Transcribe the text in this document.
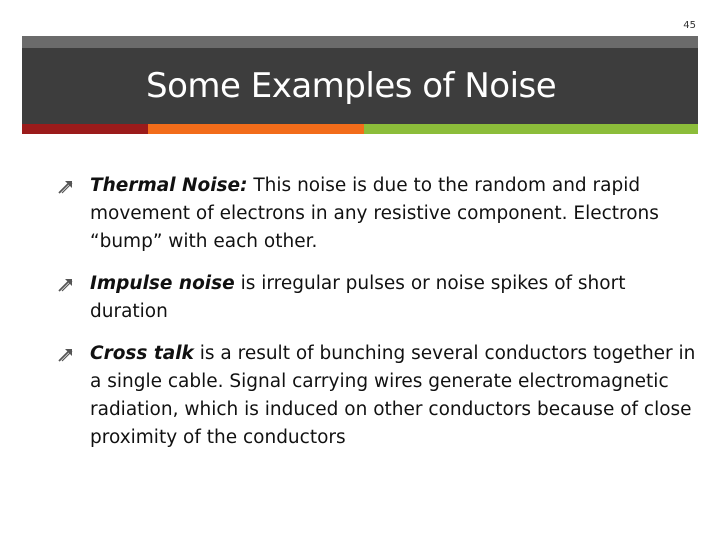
45
Some Examples of Noise
Thermal Noise: This noise is due to the random and rapid movement of electrons in any resistive component. Electrons “bump” with each other.
Impulse noise is irregular pulses or noise spikes of short duration
Cross talk is a result of bunching several conductors together in a single cable. Signal carrying wires generate electromagnetic radiation, which is induced on other conductors because of close proximity of the conductors
